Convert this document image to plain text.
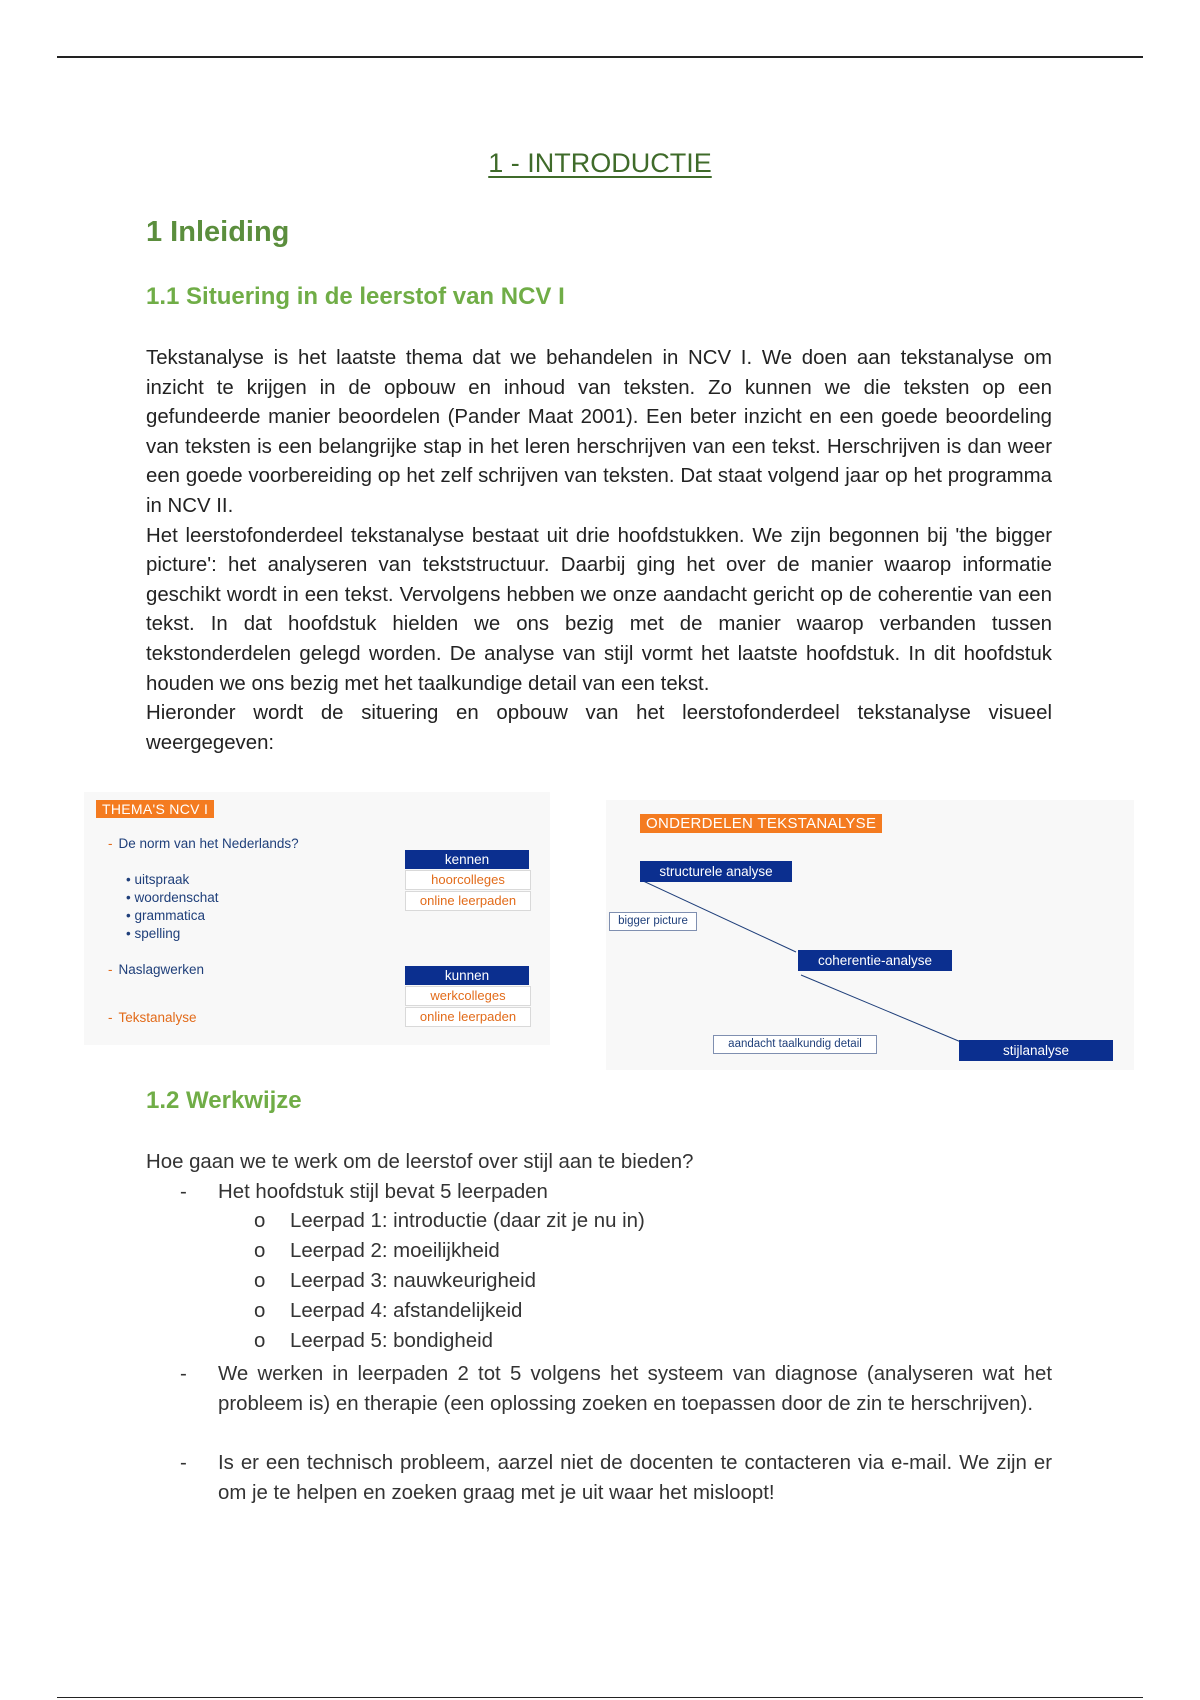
1 - INTRODUCTIE
1 Inleiding
1.1 Situering in de leerstof van NCV I

Tekstanalyse is het laatste thema dat we behandelen in NCV I. We doen aan tekstanalyse om inzicht te krijgen in de opbouw en inhoud van teksten. Zo kunnen we die teksten op een gefundeerde manier beoordelen (Pander Maat 2001). Een beter inzicht en een goede beoordeling van teksten is een belangrijke stap in het leren herschrijven van een tekst. Herschrijven is dan weer een goede voorbereiding op het zelf schrijven van teksten. Dat staat volgend jaar op het programma in NCV II.

Het leerstofonderdeel tekstanalyse bestaat uit drie hoofdstukken. We zijn begonnen bij 'the bigger picture': het analyseren van tekststructuur. Daarbij ging het over de manier waarop informatie geschikt wordt in een tekst. Vervolgens hebben we onze aandacht gericht op de coherentie van een tekst. In dat hoofdstuk hielden we ons bezig met de manier waarop verbanden tussen tekstonderdelen gelegd worden. De analyse van stijl vormt het laatste hoofdstuk. In dit hoofdstuk houden we ons bezig met het taalkundige detail van een tekst.

Hieronder wordt de situering en opbouw van het leerstofonderdeel tekstanalyse visueel weergegeven:

THEMA'S NCV I
- De norm van het Nederlands?
• uitspraak
• woordenschat
• grammatica
• spelling
- Naslagwerken
- Tekstanalyse
kennen
hoorcolleges
online leerpaden
kunnen
werkcolleges
online leerpaden
ONDERDELEN TEKSTANALYSE
structurele analyse
bigger picture
coherentie-analyse
aandacht taalkundig detail	stijlanalyse
1.2 Werkwijze
Hoe gaan we te werk om de leerstof over stijl aan te bieden?
- Het hoofdstuk stijl bevat 5 leerpaden
o Leerpad 1: introductie (daar zit je nu in)
o Leerpad 2: moeilijkheid
o Leerpad 3: nauwkeurigheid
o Leerpad 4: afstandelijkeid
o Leerpad 5: bondigheid
- We werken in leerpaden 2 tot 5 volgens het systeem van diagnose (analyseren wat het probleem is) en therapie (een oplossing zoeken en toepassen door de zin te herschrijven).
- Is er een technisch probleem, aarzel niet de docenten te contacteren via e-mail. We zijn er om je te helpen en zoeken graag met je uit waar het misloopt!
